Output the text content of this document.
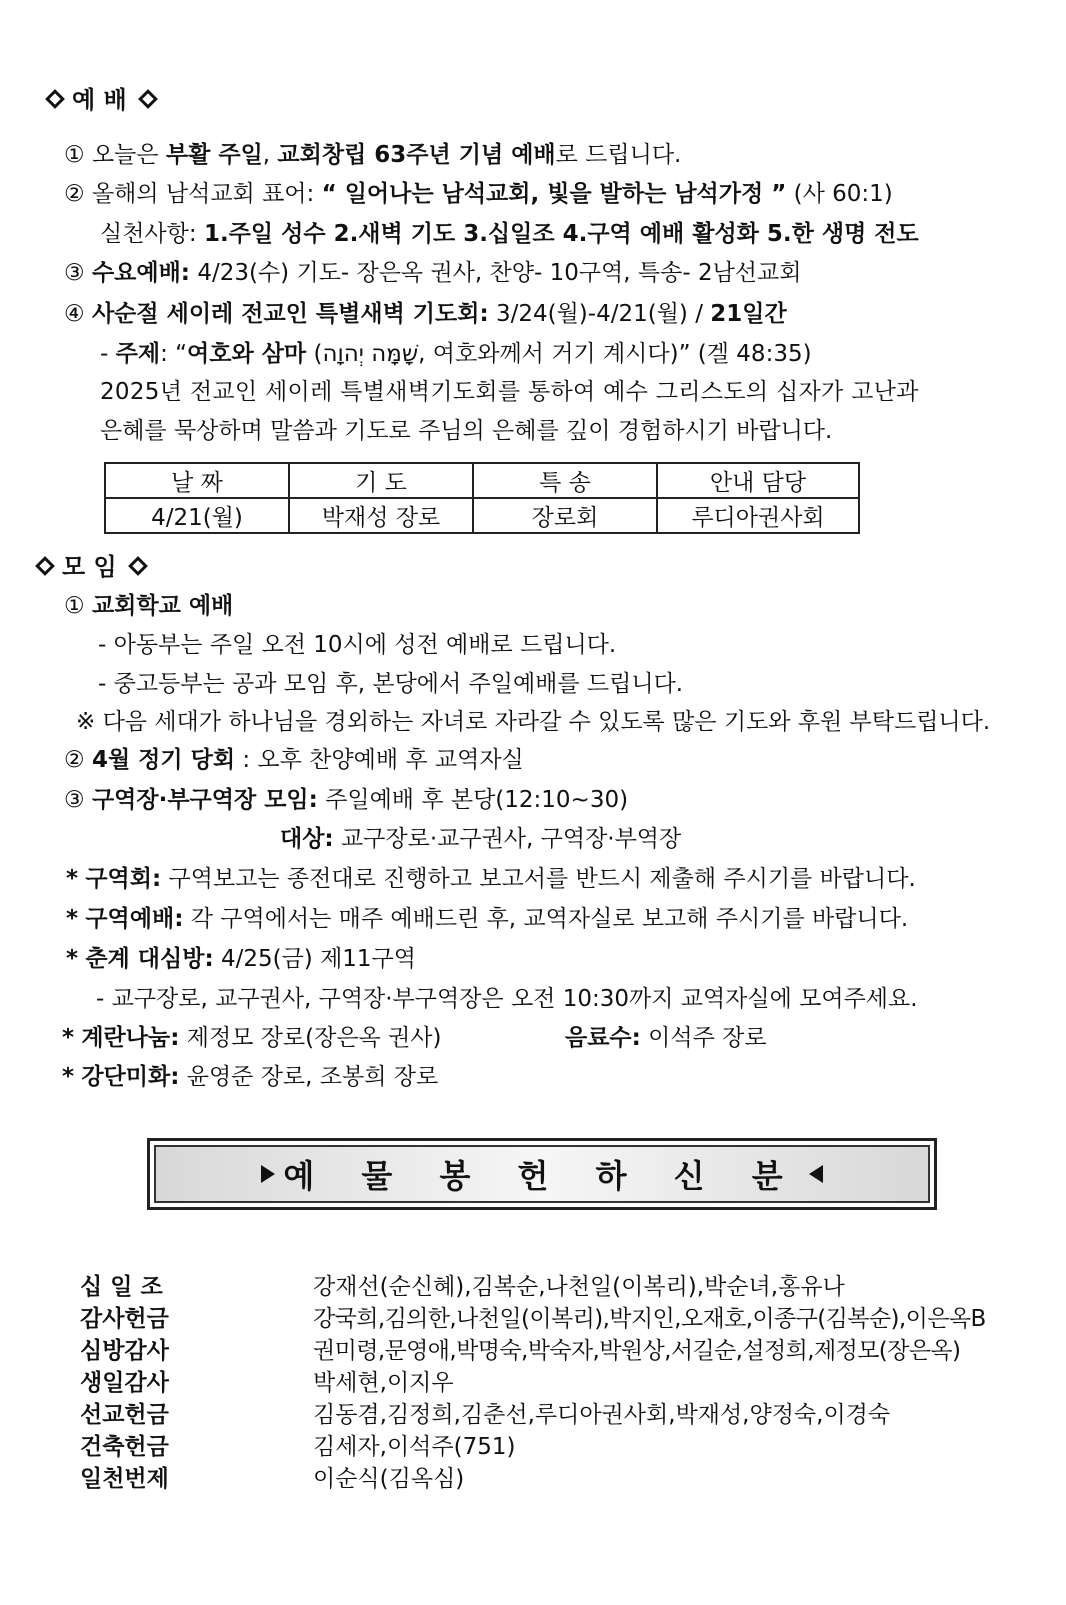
예 배
① 오늘은 부활 주일, 교회창립 63주년 기념 예배로 드립니다.
② 올해의 남석교회 표어: “ 일어나는 남석교회, 빛을 발하는 남석가정 ” (사 60:1)
실천사항: 1.주일 성수 2.새벽 기도 3.십일조 4.구역 예배 활성화 5.한 생명 전도
③ 수요예배: 4/23(수) 기도- 장은옥 권사, 찬양- 10구역, 특송- 2남선교회
④ 사순절 세이레 전교인 특별새벽 기도회: 3/24(월)-4/21(월) / 21일간
- 주제: “여호와 삼마 (שָׁמָּה יְהוָה, 여호와께서 거기 계시다)” (겔 48:35)
2025년 전교인 세이레 특별새벽기도회를 통하여 예수 그리스도의 십자가 고난과
은혜를 묵상하며 말씀과 기도로 주님의 은혜를 깊이 경험하시기 바랍니다.
날 짜	기 도	특 송	안내 담당
4/21(월)	박재성 장로	장로회	루디아권사회
모 임
① 교회학교 예배
- 아동부는 주일 오전 10시에 성전 예배로 드립니다.
- 중고등부는 공과 모임 후, 본당에서 주일예배를 드립니다.
※ 다음 세대가 하나님을 경외하는 자녀로 자라갈 수 있도록 많은 기도와 후원 부탁드립니다.
② 4월 정기 당회 : 오후 찬양예배 후 교역자실
③ 구역장·부구역장 모임: 주일예배 후 본당(12:10~30)
대상: 교구장로·교구권사, 구역장·부역장
* 구역회: 구역보고는 종전대로 진행하고 보고서를 반드시 제출해 주시기를 바랍니다.
* 구역예배: 각 구역에서는 매주 예배드린 후, 교역자실로 보고해 주시기를 바랍니다.
* 춘계 대심방: 4/25(금) 제11구역
- 교구장로, 교구권사, 구역장·부구역장은 오전 10:30까지 교역자실에 모여주세요.
* 계란나눔: 제정모 장로(장은옥 권사)	음료수: 이석주 장로
* 강단미화: 윤영준 장로, 조봉희 장로
예 물 봉 헌 하 신 분
십 일 조	강재선(순신혜),김복순,나천일(이복리),박순녀,홍유나
감사헌금	강국희,김의한,나천일(이복리),박지인,오재호,이종구(김복순),이은옥B
심방감사	권미령,문영애,박명숙,박숙자,박원상,서길순,설정희,제정모(장은옥)
생일감사	박세현,이지우
선교헌금	김동겸,김정희,김춘선,루디아권사회,박재성,양정숙,이경숙
건축헌금	김세자,이석주(751)
일천번제	이순식(김옥심)
